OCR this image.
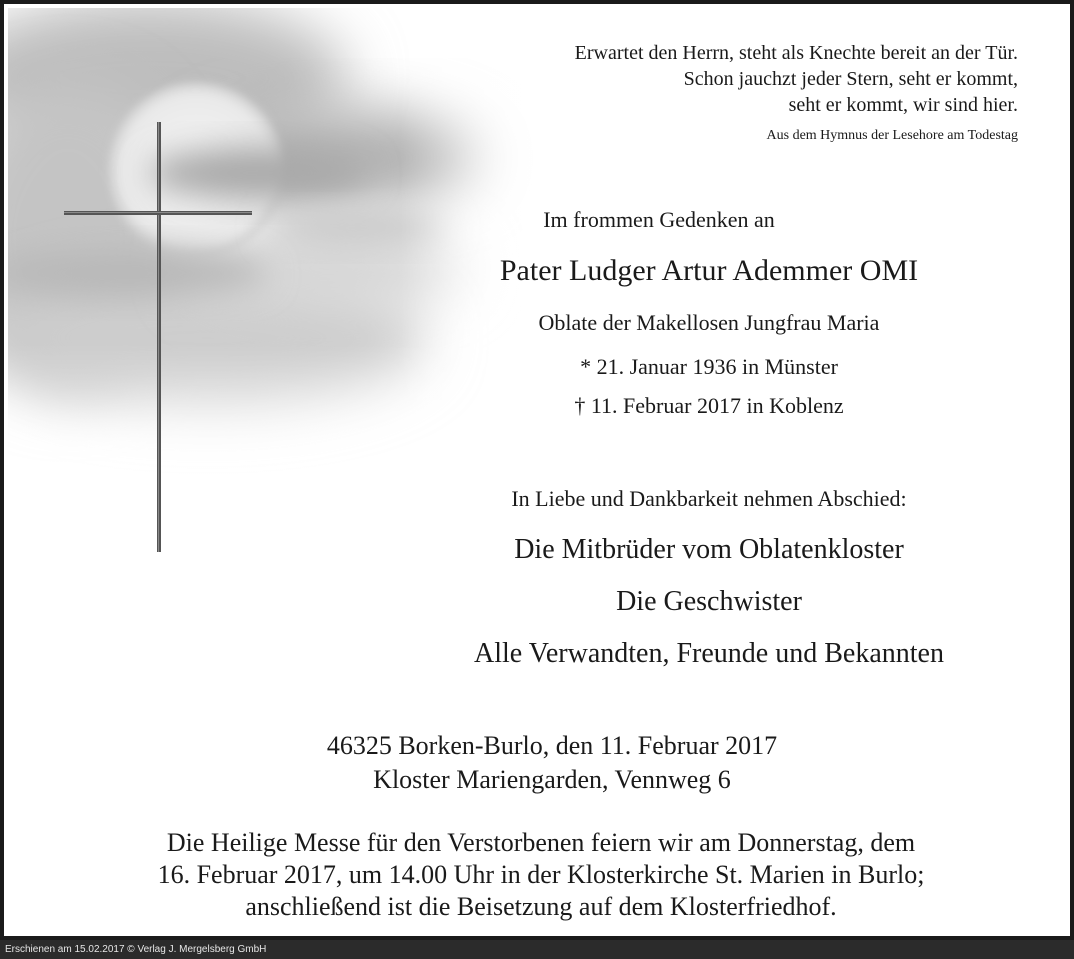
Erwartet den Herrn, steht als Knechte bereit an der Tür.
Schon jauchzt jeder Stern, seht er kommt,
seht er kommt, wir sind hier.
Aus dem Hymnus der Lesehore am Todestag
Im frommen Gedenken an
Pater Ludger Artur Ademmer OMI
Oblate der Makellosen Jungfrau Maria
* 21. Januar 1936 in Münster
† 11. Februar 2017 in Koblenz
In Liebe und Dankbarkeit nehmen Abschied:
Die Mitbrüder vom Oblatenkloster
Die Geschwister
Alle Verwandten, Freunde und Bekannten
46325 Borken-Burlo, den 11. Februar 2017
Kloster Mariengarden, Vennweg 6
Die Heilige Messe für den Verstorbenen feiern wir am Donnerstag, dem
16. Februar 2017, um 14.00 Uhr in der Klosterkirche St. Marien in Burlo;
anschließend ist die Beisetzung auf dem Klosterfriedhof.
Erschienen am 15.02.2017 © Verlag J. Mergelsberg GmbH
